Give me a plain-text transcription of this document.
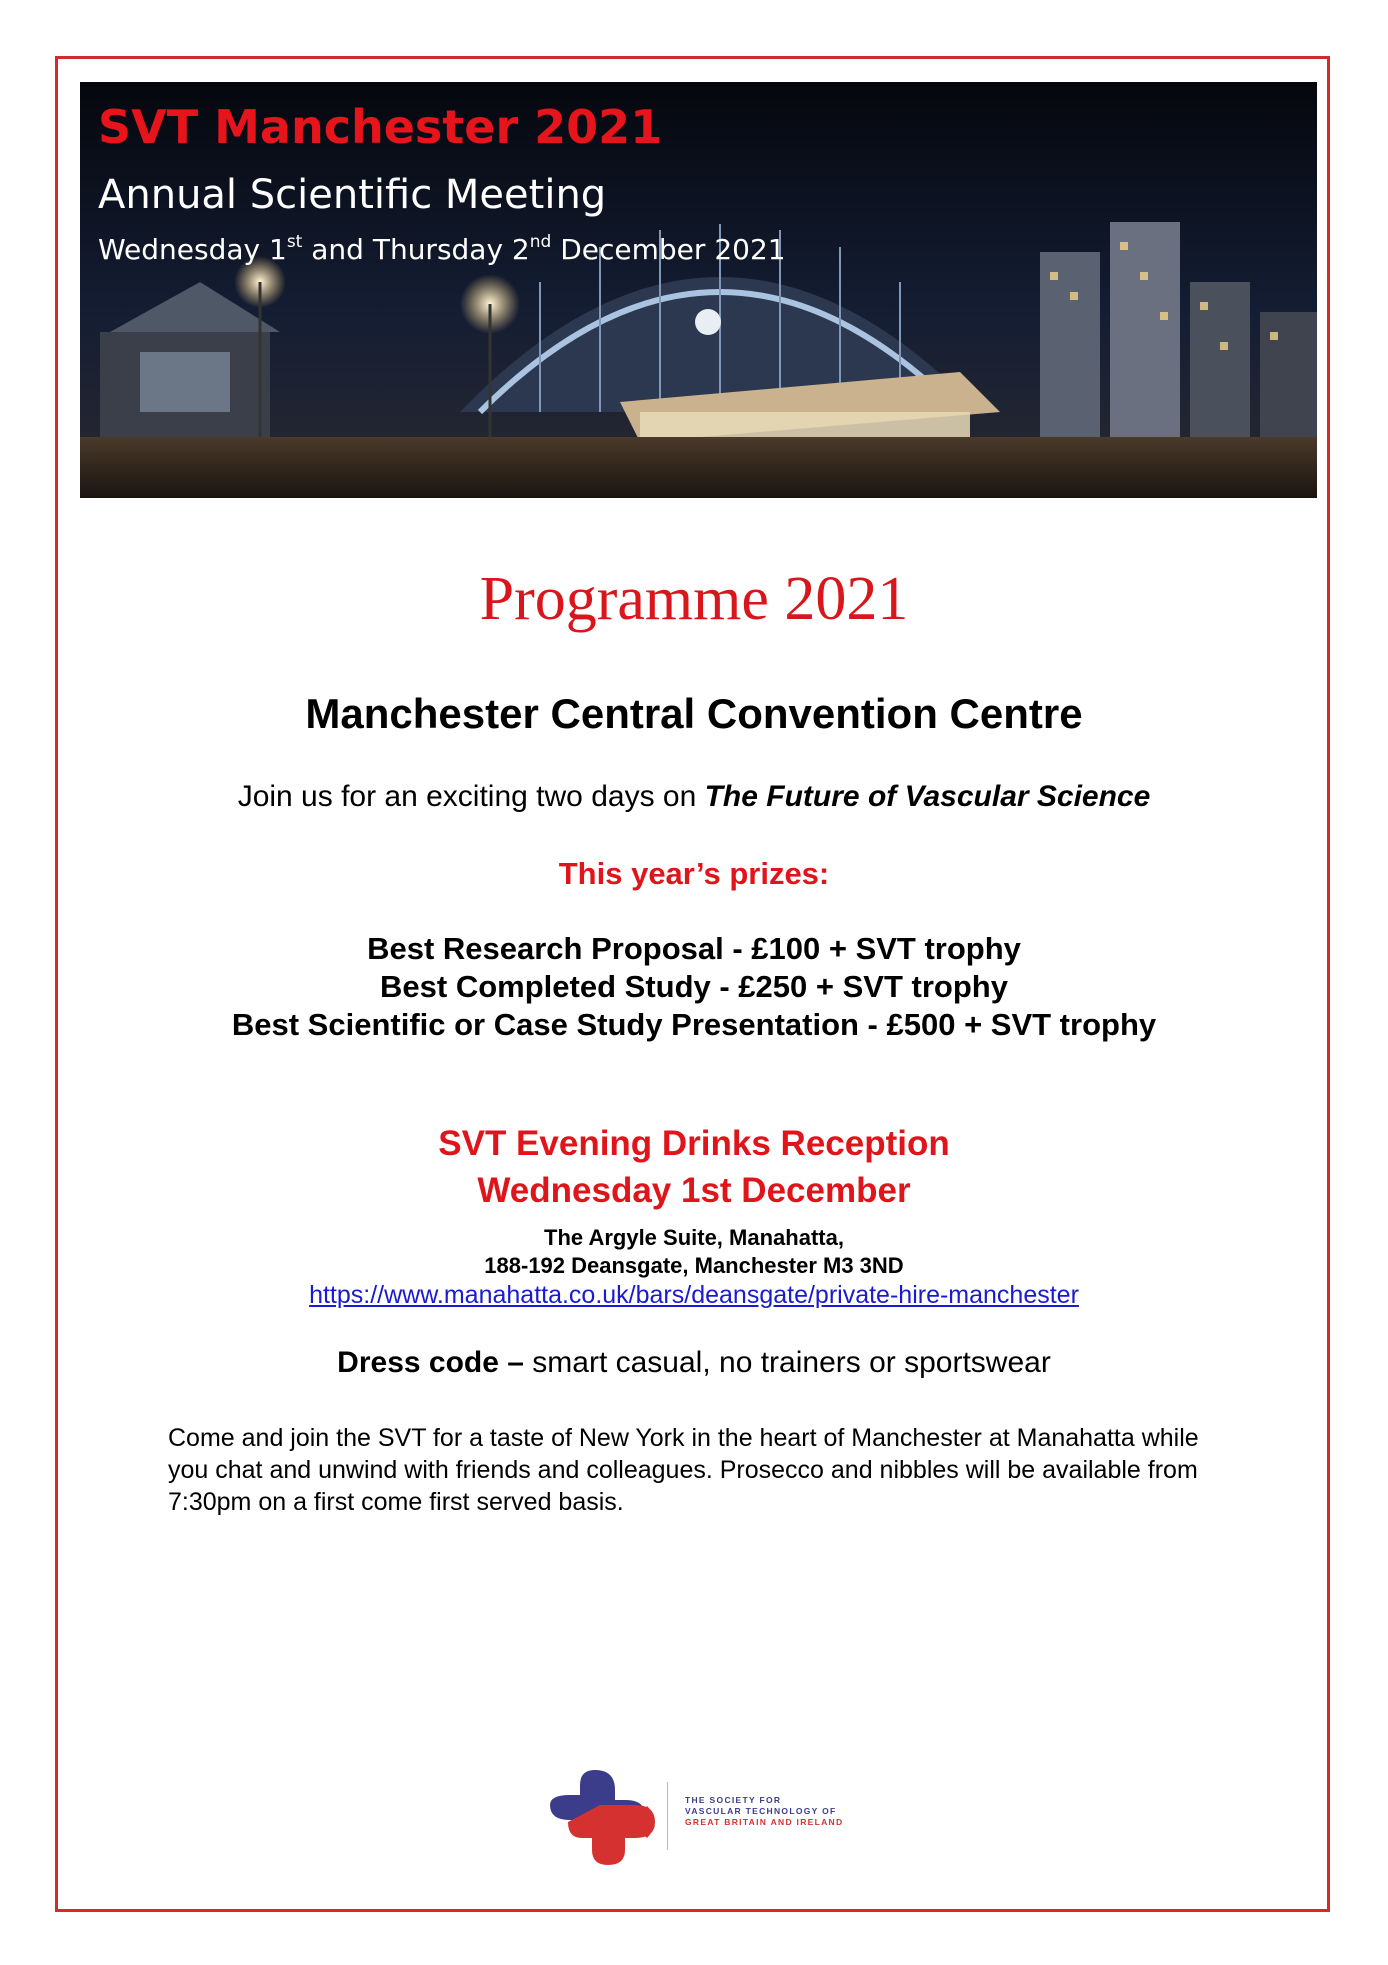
SVT Manchester 2021
Annual Scientific Meeting
Wednesday 1st and Thursday 2nd December 2021
Programme 2021
Manchester Central Convention Centre
Join us for an exciting two days on The Future of Vascular Science
This year’s prizes:
Best Research Proposal - £100 + SVT trophy
Best Completed Study - £250 + SVT trophy
Best Scientific or Case Study Presentation - £500 + SVT trophy
SVT Evening Drinks Reception
Wednesday 1st December
The Argyle Suite, Manahatta,
188-192 Deansgate, Manchester M3 3ND
https://www.manahatta.co.uk/bars/deansgate/private-hire-manchester
Dress code – smart casual, no trainers or sportswear
Come and join the SVT for a taste of New York in the heart of Manchester at Manahatta while you chat and unwind with friends and colleagues. Prosecco and nibbles will be available from 7:30pm on a first come first served basis.
THE SOCIETY FOR
VASCULAR TECHNOLOGY OF
GREAT BRITAIN AND IRELAND
